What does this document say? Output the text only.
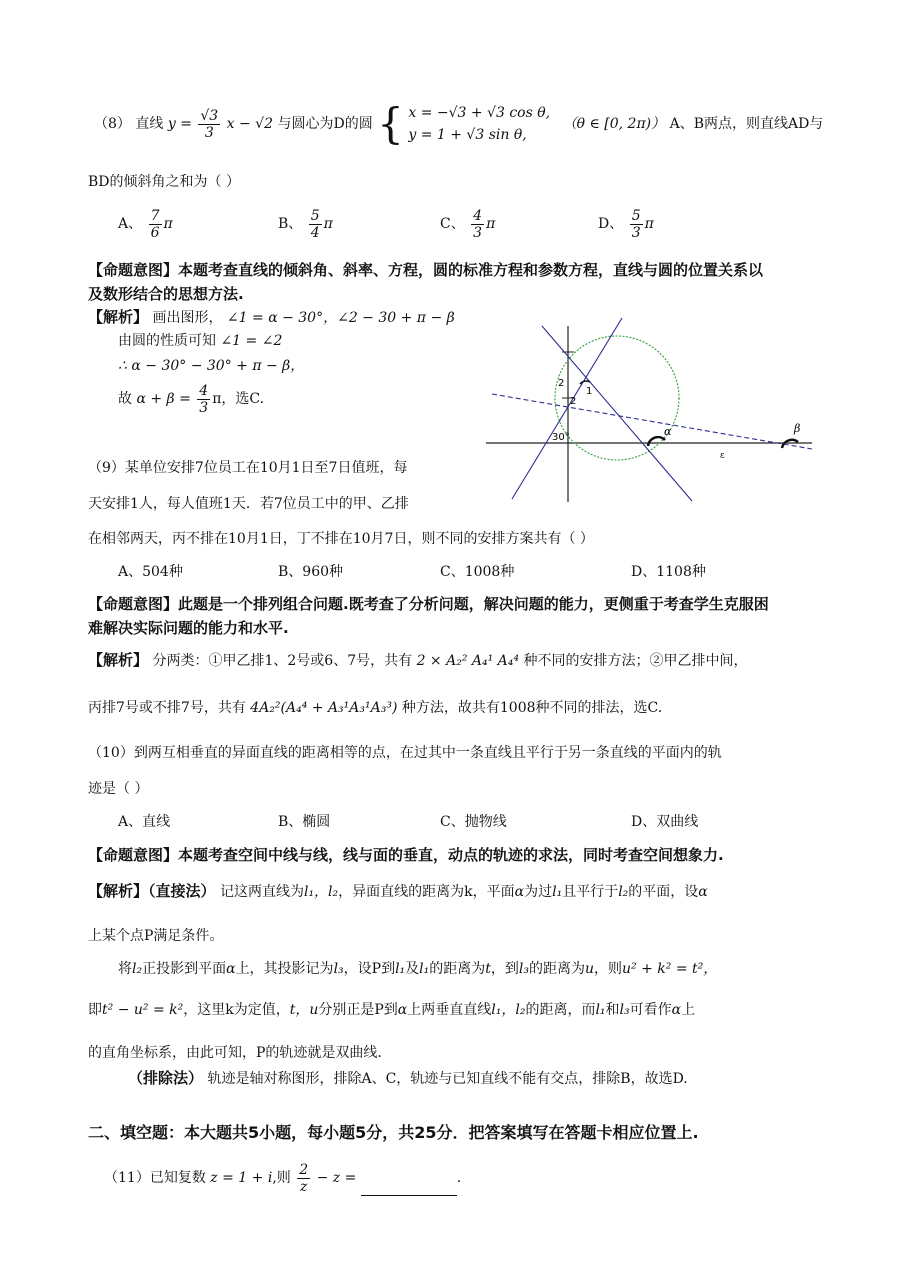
（8） 直线 $y = \frac{√3}{3}$ x − √2 与圆心为D的圆 { x = −√3 + √3 cos θ,
y = 1 + √3 sin θ,
（θ ∈ [0, 2π)） A、B两点，则直线AD与
BD的倾斜角之和为（ ）
A、 $\frac{7}{6}$ π	B、 $\frac{5}{4}$ π	C、 $\frac{4}{3}$ π	D、 $\frac{5}{3}$ π
【命题意图】本题考查直线的倾斜角、斜率、方程，圆的标准方程和参数方程，直线与圆的位置关系以
及数形结合的思想方法.
【解析】 画出图形， ∠1 = α − 30°，∠2 − 30 + π − β
由圆的性质可知 ∠1 = ∠2
∴ α − 30° − 30° + π − β，
故 $\alpha + \beta = \frac{4}{3}$ π，选C.
2
1
2
30°	α	β
ε
（9）某单位安排7位员工在10月1日至7日值班，每
天安排1人，每人值班1天．若7位员工中的甲、乙排
在相邻两天，丙不排在10月1日，丁不排在10月7日，则不同的安排方案共有（ ）
A、504种	B、960种	C、1008种	D、1108种
【命题意图】此题是一个排列组合问题.既考查了分析问题，解决问题的能力，更侧重于考查学生克服困
难解决实际问题的能力和水平.
【解析】 分两类：①甲乙排1、2号或6、7号，共有 2 × A₂² A₄¹ A₄⁴ 种不同的安排方法；②甲乙排中间，
丙排7号或不排7号，共有 4A₂²(A₄⁴ + A₃¹A₃¹A₃³) 种方法，故共有1008种不同的排法，选C.
（10）到两互相垂直的异面直线的距离相等的点，在过其中一条直线且平行于另一条直线的平面内的轨
迹是（ ）
A、直线	B、椭圆	C、抛物线	D、双曲线
【命题意图】本题考查空间中线与线，线与面的垂直，动点的轨迹的求法，同时考查空间想象力.
【解析】（直接法） 记这两直线为l₁，l₂，异面直线的距离为k，平面α为过l₁且平行于l₂的平面，设α
上某个点P满足条件。
将l₂正投影到平面α上，其投影记为l₃，设P到l₁及l₁的距离为t，到l₃的距离为u，则u² + k² = t²，
即t² − u² = k²，这里k为定值，t，u分别正是P到α上两垂直直线l₁，l₂的距离，而l₁和l₃可看作α上
的直角坐标系，由此可知，P的轨迹就是双曲线.
（排除法） 轨迹是轴对称图形，排除A、C，轨迹与已知直线不能有交点，排除B，故选D.
二、填空题：本大题共5小题，每小题5分，共25分．把答案填写在答题卡相应位置上.
（11）已知复数 z = 1 + i,则 $\frac{2}{z} - z$ =	.
